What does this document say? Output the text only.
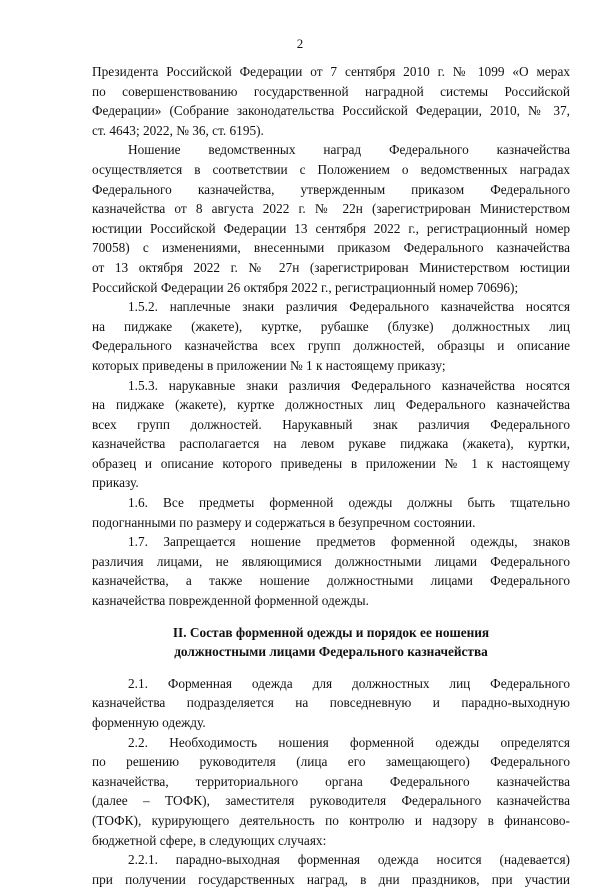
2
Президента Российской Федерации от 7 сентября 2010 г. № 1099 «О мерах
по совершенствованию государственной наградной системы Российской
Федерации» (Собрание законодательства Российской Федерации, 2010, № 37,
ст. 4643; 2022, № 36, ст. 6195).
Ношение ведомственных наград Федерального казначейства
осуществляется в соответствии с Положением о ведомственных наградах
Федерального казначейства, утвержденным приказом Федерального
казначейства от 8 августа 2022 г. № 22н (зарегистрирован Министерством
юстиции Российской Федерации 13 сентября 2022 г., регистрационный номер
70058) с изменениями, внесенными приказом Федерального казначейства
от 13 октября 2022 г. № 27н (зарегистрирован Министерством юстиции
Российской Федерации 26 октября 2022 г., регистрационный номер 70696);
1.5.2. наплечные знаки различия Федерального казначейства носятся
на пиджаке (жакете), куртке, рубашке (блузке) должностных лиц
Федерального казначейства всех групп должностей, образцы и описание
которых приведены в приложении № 1 к настоящему приказу;
1.5.3. нарукавные знаки различия Федерального казначейства носятся
на пиджаке (жакете), куртке должностных лиц Федерального казначейства
всех групп должностей. Нарукавный знак различия Федерального
казначейства располагается на левом рукаве пиджака (жакета), куртки,
образец и описание которого приведены в приложении № 1 к настоящему
приказу.
1.6. Все предметы форменной одежды должны быть тщательно
подогнанными по размеру и содержаться в безупречном состоянии.
1.7. Запрещается ношение предметов форменной одежды, знаков
различия лицами, не являющимися должностными лицами Федерального
казначейства, а также ношение должностными лицами Федерального
казначейства поврежденной форменной одежды.
II. Состав форменной одежды и порядок ее ношения
должностными лицами Федерального казначейства
2.1. Форменная одежда для должностных лиц Федерального
казначейства подразделяется на повседневную и парадно-выходную
форменную одежду.
2.2. Необходимость ношения форменной одежды определятся
по решению руководителя (лица его замещающего) Федерального
казначейства, территориального органа Федерального казначейства
(далее – ТОФК), заместителя руководителя Федерального казначейства
(ТОФК), курирующего деятельность по контролю и надзору в финансово-
бюджетной сфере, в следующих случаях:
2.2.1. парадно-выходная форменная одежда носится (надевается)
при получении государственных наград, в дни праздников, при участии
